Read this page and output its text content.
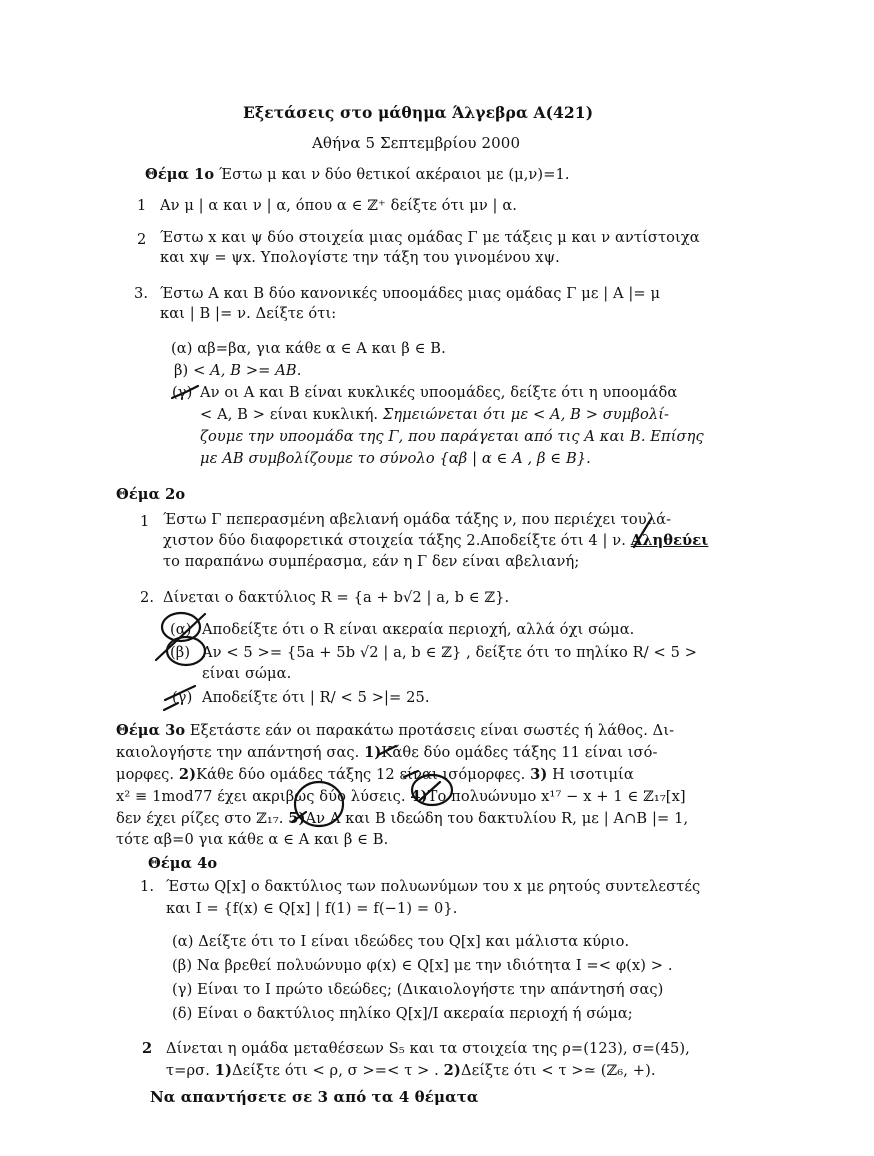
Εξετάσεις στο μάθημα Άλγεβρα Α(421)
Αθήνα 5 Σεπτεμβρίου 2000
Θέμα 1ο Έστω μ και ν δύο θετικοί ακέραιοι με (μ,ν)=1.
1 Αν μ | α και ν | α, όπου α ∈ ℤ⁺ δείξτε ότι μν | α.
2 Έστω x και ψ δύο στοιχεία μιας ομάδας Γ με τάξεις μ και ν αντίστοιχα
και xψ = ψx. Υπολογίστε την τάξη του γινομένου xψ.
3. Έστω Α και Β δύο κανονικές υποομάδες μιας ομάδας Γ με | A |= μ
και | B |= ν. Δείξτε ότι:
(α) αβ=βα, για κάθε α ∈ A και β ∈ B.
β) < A, B >= AB.
(γ) Αν οι Α και Β είναι κυκλικές υποομάδες, δείξτε ότι η υποομάδα
< A, B > είναι κυκλική. Σημειώνεται ότι με < A, B > συμβολί-
ζουμε την υποομάδα της Γ, που παράγεται από τις Α και Β. Επίσης
με ΑΒ συμβολίζουμε το σύνολο {αβ | α ∈ A , β ∈ B}.
Θέμα 2ο
1 Έστω Γ πεπερασμένη αβελιανή ομάδα τάξης ν, που περιέχει τουλά-
χιστον δύο διαφορετικά στοιχεία τάξης 2.Αποδείξτε ότι 4 | ν. Αληθεύει
το παραπάνω συμπέρασμα, εάν η Γ δεν είναι αβελιανή;
2. Δίνεται ο δακτύλιος R = {a + b√2 | a, b ∈ ℤ}.
(α) Αποδείξτε ότι ο R είναι ακεραία περιοχή, αλλά όχι σώμα.
(β) Αν < 5 >= {5a + 5b √2 | a, b ∈ ℤ} , δείξτε ότι το πηλίκο R/ < 5 >
είναι σώμα.
(γ) Αποδείξτε ότι | R/ < 5 >|= 25.
Θέμα 3ο Εξετάστε εάν οι παρακάτω προτάσεις είναι σωστές ή λάθος. Δι-
καιολογήστε την απάντησή σας. 1)Κάθε δύο ομάδες τάξης 11 είναι ισό-
μορφες. 2)Κάθε δύο ομάδες τάξης 12 είναι ισόμορφες. 3) Η ισοτιμία
x² ≡ 1mod77 έχει ακριβώς δύο λύσεις. 4)Το πολυώνυμο x¹⁷ − x + 1 ∈ ℤ₁₇[x]
δεν έχει ρίζες στο ℤ₁₇. 5)Αν Α και Β ιδεώδη του δακτυλίου R, με | A∩B |= 1,
τότε αβ=0 για κάθε α ∈ A και β ∈ B.
Θέμα 4ο
1. Έστω Q[x] ο δακτύλιος των πολυωνύμων του x με ρητούς συντελεστές
και I = {f(x) ∈ Q[x] | f(1) = f(−1) = 0}.
(α) Δείξτε ότι το Ι είναι ιδεώδες του Q[x] και μάλιστα κύριο.
(β) Να βρεθεί πολυώνυμο φ(x) ∈ Q[x] με την ιδιότητα I =< φ(x) > .
(γ) Είναι το Ι πρώτο ιδεώδες; (Δικαιολογήστε την απάντησή σας)
(δ) Είναι ο δακτύλιος πηλίκο Q[x]/I ακεραία περιοχή ή σώμα;
2 Δίνεται η ομάδα μεταθέσεων S₅ και τα στοιχεία της ρ=(123), σ=(45),
τ=ρσ. 1)Δείξτε ότι < ρ, σ >=< τ > . 2)Δείξτε ότι < τ >≃ (ℤ₆, +).
Να απαντήσετε σε 3 από τα 4 θέματα
